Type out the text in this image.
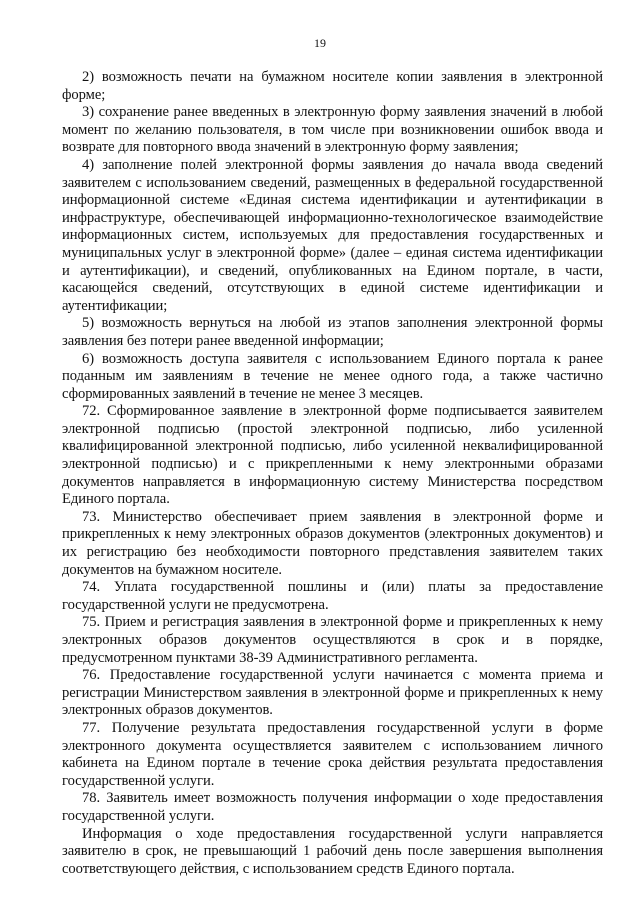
19

2) возможность печати на бумажном носителе копии заявления в электронной форме;

3) сохранение ранее введенных в электронную форму заявления значений в любой момент по желанию пользователя, в том числе при возникновении ошибок ввода и возврате для повторного ввода значений в электронную форму заявления;

4) заполнение полей электронной формы заявления до начала ввода сведений заявителем с использованием сведений, размещенных в федеральной государственной информационной системе «Единая система идентификации и аутентификации в инфраструктуре, обеспечивающей информационно-технологическое взаимодействие информационных систем, используемых для предоставления государственных и муниципальных услуг в электронной форме» (далее – единая система идентификации и аутентификации), и сведений, опубликованных на Едином портале, в части, касающейся сведений, отсутствующих в единой системе идентификации и аутентификации;

5) возможность вернуться на любой из этапов заполнения электронной формы заявления без потери ранее введенной информации;

6) возможность доступа заявителя с использованием Единого портала к ранее поданным им заявлениям в течение не менее одного года, а также частично сформированных заявлений в течение не менее 3 месяцев.

72. Сформированное заявление в электронной форме подписывается заявителем электронной подписью (простой электронной подписью, либо усиленной квалифицированной электронной подписью, либо усиленной неквалифицированной электронной подписью) и с прикрепленными к нему электронными образами документов направляется в информационную систему Министерства посредством Единого портала.

73. Министерство обеспечивает прием заявления в электронной форме и прикрепленных к нему электронных образов документов (электронных документов) и их регистрацию без необходимости повторного представления заявителем таких документов на бумажном носителе.

74. Уплата государственной пошлины и (или) платы за предоставление государственной услуги не предусмотрена.

75. Прием и регистрация заявления в электронной форме и прикрепленных к нему электронных образов документов осуществляются в срок и в порядке, предусмотренном пунктами 38-39 Административного регламента.

76. Предоставление государственной услуги начинается с момента приема и регистрации Министерством заявления в электронной форме и прикрепленных к нему электронных образов документов.

77. Получение результата предоставления государственной услуги в форме электронного документа осуществляется заявителем с использованием личного кабинета на Едином портале в течение срока действия результата предоставления государственной услуги.

78. Заявитель имеет возможность получения информации о ходе предоставления государственной услуги.

Информация о ходе предоставления государственной услуги направляется заявителю в срок, не превышающий 1 рабочий день после завершения выполнения соответствующего действия, с использованием средств Единого портала.
